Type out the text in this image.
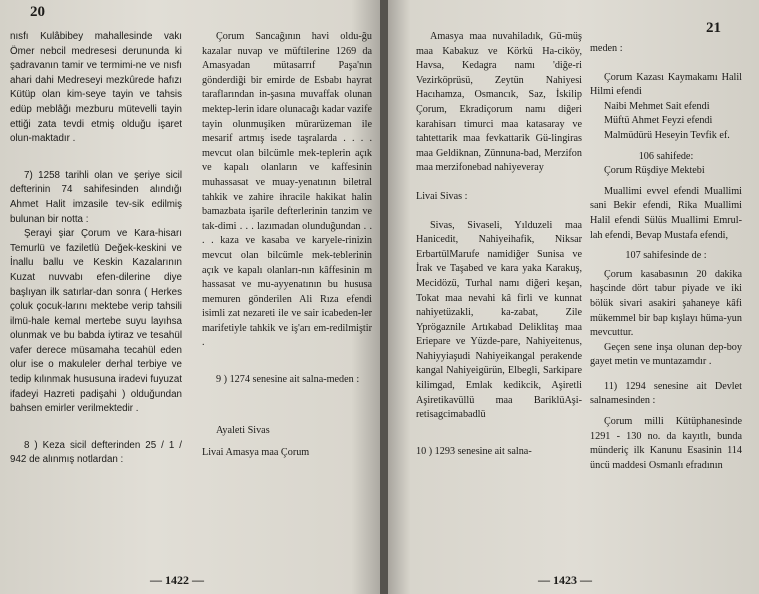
20

nısfı Kulâbibey mahallesinde vakı Ömer nebcil medresesi derununda ki şadravanın tamir ve termimi-ne ve nısfı ahari dahi Medreseyi mezkûrede hafızı Kütüp olan kim-seye tayin ve tahsis edüp meblâğı mezburu mütevelli tayin ettiği zata tevdi etmiş olduğu işaret olun-maktadır .

7) 1258 tarihli olan ve şeriye sicil defterinin 74 sahifesinden alındığı Ahmet Halit imzasile tev-sik edilmiş bulunan bir notta :

Şerayi şiar Çorum ve Kara-hisarı Temurlü ve faziletlü Değek-keskini ve İnallu ballu ve Keskin Kazalarının Kuzat nuvvabı efen-dilerine diye başlıyan ilk satırlar-dan sonra ( Herkes çoluk çocuk-larını mektebe verip tahsili ilmü-hale kemal mertebe suyu layıhsa olunmak ve bu babda iytiraz ve tesahül vafer derece müsamaha tecahül eden olur ise o makuleler derhal terbiye ve tedip kılınmak hususuna iradevi fuyuzat ifadeyi Hazreti padişahi ) olduğundan bahsen emirler verilmektedir .

8 ) Keza sicil defterinden 25 / 1 / 942 de alınmış notlardan :

Çorum Sancağının havi oldu-ğu kazalar nuvap ve müftilerine 1269 da Amasyadan mütasarrıf Paşa'nın gönderdiği bir emirde de Esbabı hayrat taraflarından in-şasına muvaffak olunan mektep-lerin idare olunacağı kadar vazife tayin olunmuşiken mürarüzeman ile mesarif artmış isede taşralarda . . . . mevcut olan bilcümle mek-teplerin açık ve kapalı olanların ve kaffesinin muhassasat ve muay-yenatının biletral tahkik ve zahire ihracile hakikat halin bamazbata işarile defterlerinin tanzim ve tak-dimi . . . lazımadan olunduğundan . . . . kaza ve kasaba ve karyele-rinizin mevcut olan bilcümle mek-teblerinin açık ve kapalı olanları-nın kâffesinin m hassasat ve mu-ayyenatının bu hususa memuren gönderilen Ali Rıza efendi isimli zat nezareti ile ve sair icabeden-ler marifetiyle tahkik ve iş'arı em-redilmiştir .

9 ) 1274 senesine ait salna-meden :

Ayaleti Sivas

Livai Amasya maa Çorum

— 1422 —
21

Amasya maa nuvahiladık, Gü-müş maa Kabakuz ve Körkü Ha-ciköy, Havsa, Kedagra namı 'diğe-ri Vezirköprüsü, Zeytün Nahiyesi Hacıhamza, Osmancık, Saz, İskilip Çorum, Ekradiçorum namı diğeri karahisarı timurci maa katasaray ve tahtettarik maa fevkattarik Gü-lingiras maa Geldiknan, Zünnuna-bad, Merzifon maa merzifonebad nahiyeveray

Livai Sivas :

Sivas, Sivaseli, Yılduzeli maa Hanicedit, Nahiyeihafik, Niksar ErbartülMarufe namidiğer Sunisa ve İrak ve Taşabed ve kara yaka Karakuş, Mecidözü, Turhal namı diğeri keşan, Tokat maa nevahi kâ firli ve kunnat nahiyetüzakli, ka-zabat, Zile Yprögaznile Artıkabad Deliklitaş maa Eriepare ve Yüzde-pare, Nahiyeitenus, Nahiyyiaşudi Nahiyeikangal perakende kangal Nahiyeigürün, Elbegli, Sarkipare kilimgad, Emlak kedikcik, Aşiretli Aşiretikavüllü maa BariklüAşi-retisagcimabadlü

10 ) 1293 senesine ait salna-

meden :

Çorum Kazası Kaymakamı Halil Hilmi efendi

Naibi Mehmet Sait efendi

Müftü Ahmet Feyzi efendi

Malmüdürü Heseyin Tevfik ef.

106 sahifede:

Çorum Rüşdiye Mektebi

Muallimi evvel efendi Muallimi sani Bekir efendi, Rika Muallimi Halil efendi Sülüs Muallimi Emrul-lah efendi, Bevap Mustafa efendi,

107 sahifesinde de :

Çorum kasabasının 20 dakika haşcinde dört tabur piyade ve iki bölük sivari asakiri şahaneye kâfi mükemmel bir bap kışlayı hüma-yun mevcuttur.

Geçen sene inşa olunan dep-boy gayet metin ve muntazamdır .

11) 1294 senesine ait Devlet salnamesinden :

Çorum milli Kütüphanesinde 1291 - 130 no. da kayıtlı, bunda münderiç ilk Kanunu Esasinin 114 üncü maddesi Osmanlı efradının

— 1423 —
